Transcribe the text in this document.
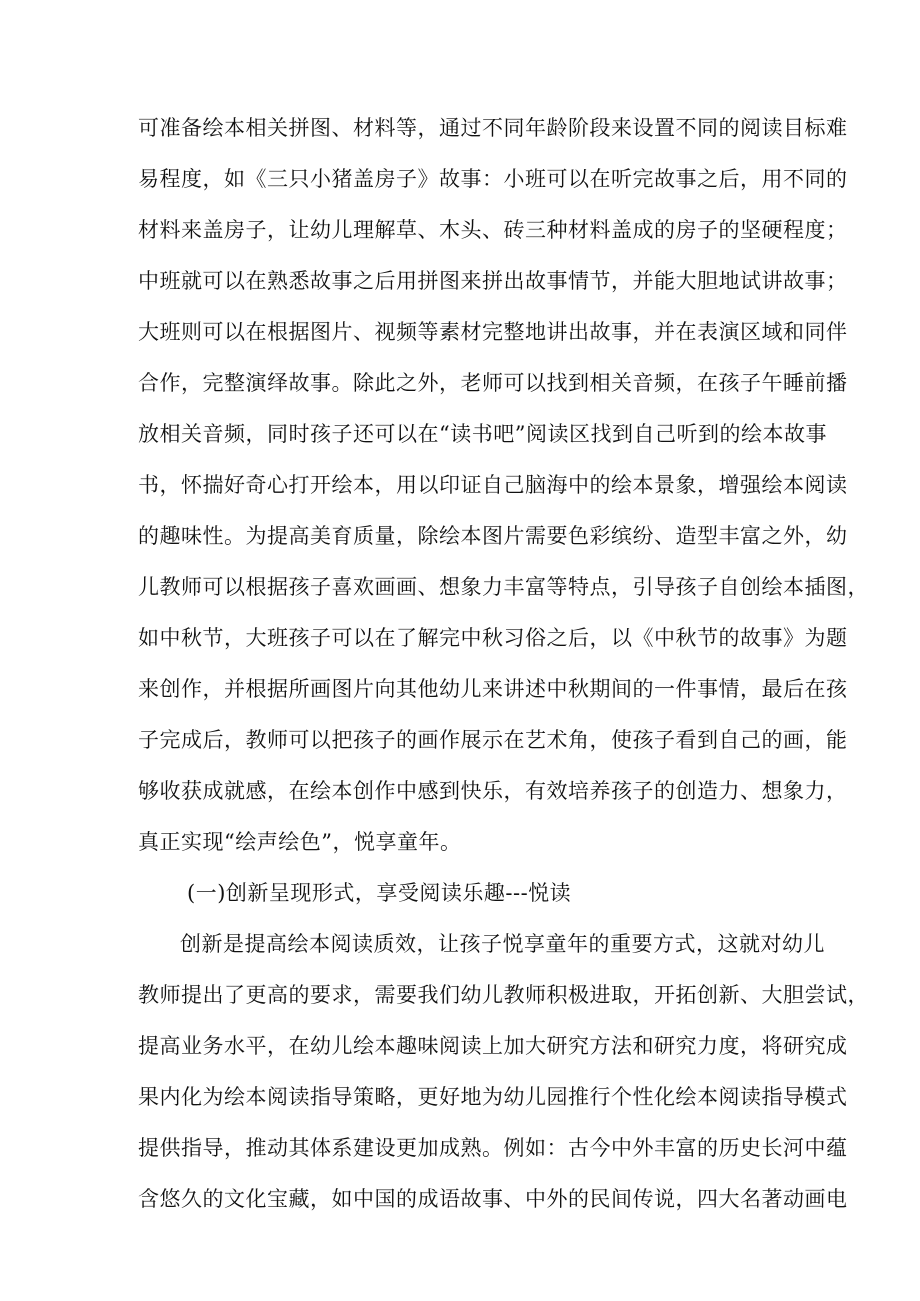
可准备绘本相关拼图、材料等，通过不同年龄阶段来设置不同的阅读目标难
易程度，如《三只小猪盖房子》故事：小班可以在听完故事之后，用不同的
材料来盖房子，让幼儿理解草、木头、砖三种材料盖成的房子的坚硬程度；
中班就可以在熟悉故事之后用拼图来拼出故事情节，并能大胆地试讲故事；
大班则可以在根据图片、视频等素材完整地讲出故事，并在表演区域和同伴
合作，完整演绎故事。除此之外，老师可以找到相关音频，在孩子午睡前播
放相关音频，同时孩子还可以在“读书吧”阅读区找到自己听到的绘本故事
书，怀揣好奇心打开绘本，用以印证自己脑海中的绘本景象，增强绘本阅读
的趣味性。为提高美育质量，除绘本图片需要色彩缤纷、造型丰富之外，幼
儿教师可以根据孩子喜欢画画、想象力丰富等特点，引导孩子自创绘本插图，
如中秋节，大班孩子可以在了解完中秋习俗之后，以《中秋节的故事》为题
来创作，并根据所画图片向其他幼儿来讲述中秋期间的一件事情，最后在孩
子完成后，教师可以把孩子的画作展示在艺术角，使孩子看到自己的画，能
够收获成就感，在绘本创作中感到快乐，有效培养孩子的创造力、想象力，
真正实现“绘声绘色”，悦享童年。
(一)创新呈现形式，享受阅读乐趣---悦读
创新是提高绘本阅读质效，让孩子悦享童年的重要方式，这就对幼儿
教师提出了更高的要求，需要我们幼儿教师积极进取，开拓创新、大胆尝试，
提高业务水平，在幼儿绘本趣味阅读上加大研究方法和研究力度，将研究成
果内化为绘本阅读指导策略，更好地为幼儿园推行个性化绘本阅读指导模式
提供指导，推动其体系建设更加成熟。例如：古今中外丰富的历史长河中蕴
含悠久的文化宝藏，如中国的成语故事、中外的民间传说，四大名著动画电
